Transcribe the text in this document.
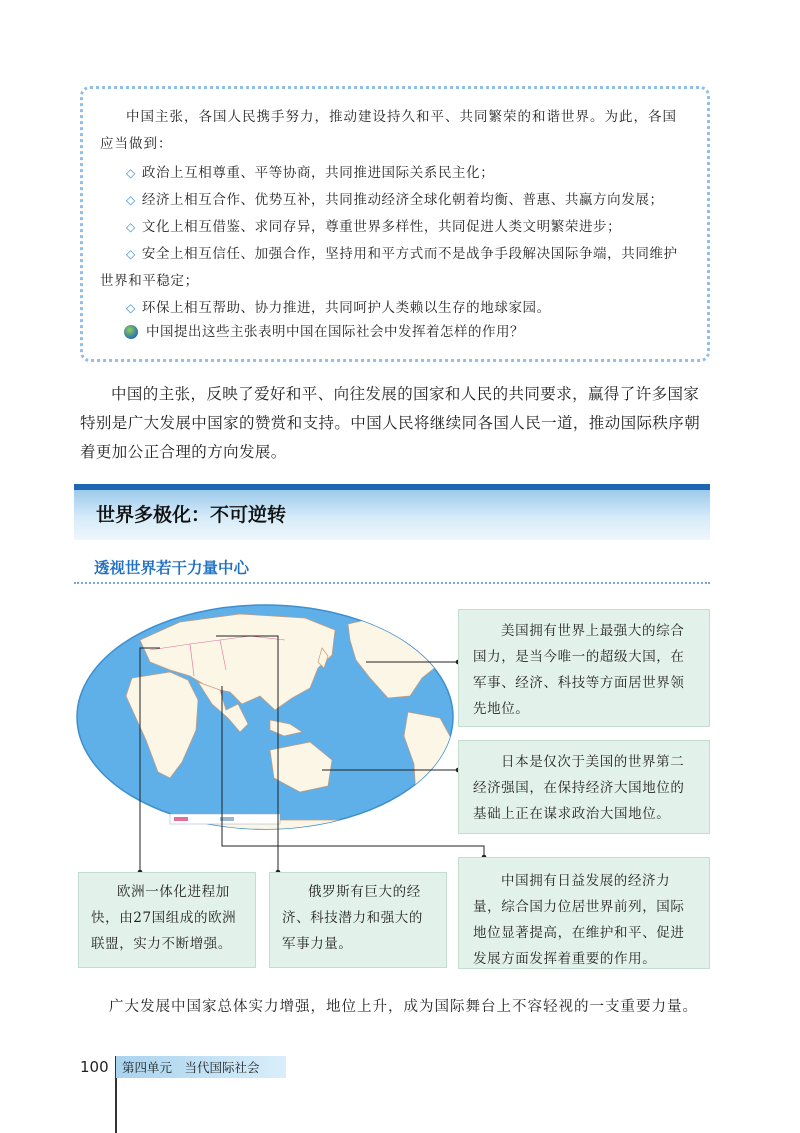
中国主张，各国人民携手努力，推动建设持久和平、共同繁荣的和谐世界。为此，各国应当做到：

◇ 政治上互相尊重、平等协商，共同推进国际关系民主化；

◇ 经济上相互合作、优势互补，共同推动经济全球化朝着均衡、普惠、共赢方向发展；

◇ 文化上相互借鉴、求同存异，尊重世界多样性，共同促进人类文明繁荣进步；

◇ 安全上相互信任、加强合作，坚持用和平方式而不是战争手段解决国际争端，共同维护世界和平稳定；

◇ 环保上相互帮助、协力推进，共同呵护人类赖以生存的地球家园。

中国提出这些主张表明中国在国际社会中发挥着怎样的作用？

中国的主张，反映了爱好和平、向往发展的国家和人民的共同要求，赢得了许多国家特别是广大发展中国家的赞赏和支持。中国人民将继续同各国人民一道，推动国际秩序朝着更加公正合理的方向发展。

世界多极化：不可逆转

透视世界若干力量中心

美国拥有世界上最强大的综合国力，是当今唯一的超级大国，在军事、经济、科技等方面居世界领先地位。

日本是仅次于美国的世界第二经济强国，在保持经济大国地位的基础上正在谋求政治大国地位。

中国拥有日益发展的经济力量，综合国力位居世界前列，国际地位显著提高，在维护和平、促进发展方面发挥着重要的作用。

欧洲一体化进程加快，由27国组成的欧洲联盟，实力不断增强。

俄罗斯有巨大的经济、科技潜力和强大的军事力量。

广大发展中国家总体实力增强，地位上升，成为国际舞台上不容轻视的一支重要力量。

100 第四单元　当代国际社会
